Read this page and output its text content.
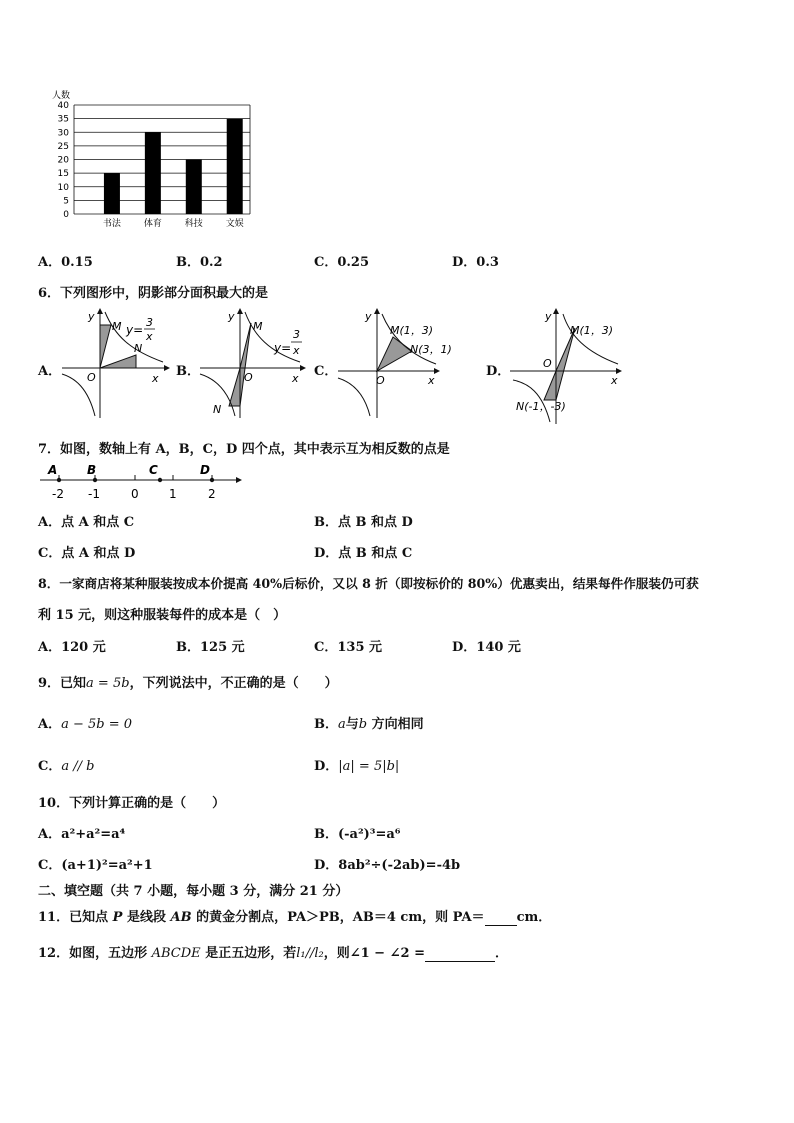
人数
0
5
10
15
20
25
30
35
40
书法	体育	科技	文娱
A．0.15	B．0.2	C．0.25	D．0.3
6．下列图形中，阴影部分面积最大的是
A．	B．	C．	D．
y
x
O
M
N
y=
3
x
y
x
O
M
N
y=
3
x
y
x
O
M(1，3)
N(3，1)
y
x
O
M(1，3)
N(-1，-3)
7．如图，数轴上有 A，B，C，D 四个点，其中表示互为相反数的点是
A B	C	D
-2 -1	0	1	2
A．点 A 和点 C	B．点 B 和点 D
C．点 A 和点 D	D．点 B 和点 C
8．一家商店将某种服装按成本价提高 40%后标价，又以 8 折（即按标价的 80%）优惠卖出，结果每件作服装仍可获
利 15 元，则这种服装每件的成本是（　）
A．120 元	B．125 元	C．135 元	D．140 元
9．已知a = 5b，下列说法中，不正确的是（　　）
A．a − 5b = 0	B．a与b 方向相同
C．a // b	D．|a| = 5|b|
10．下列计算正确的是（　　）
A．a²+a²=a⁴	B．(-a²)³=a⁶
C．(a+1)²=a²+1	D．8ab²÷(-2ab)=-4b
二、填空题（共 7 小题，每小题 3 分，满分 21 分）
11．已知点 P 是线段 AB 的黄金分割点，PA＞PB，AB＝4 cm，则 PA＝ cm．
12．如图，五边形 ABCDE 是正五边形，若l₁//l₂，则∠1 − ∠2 =	．
